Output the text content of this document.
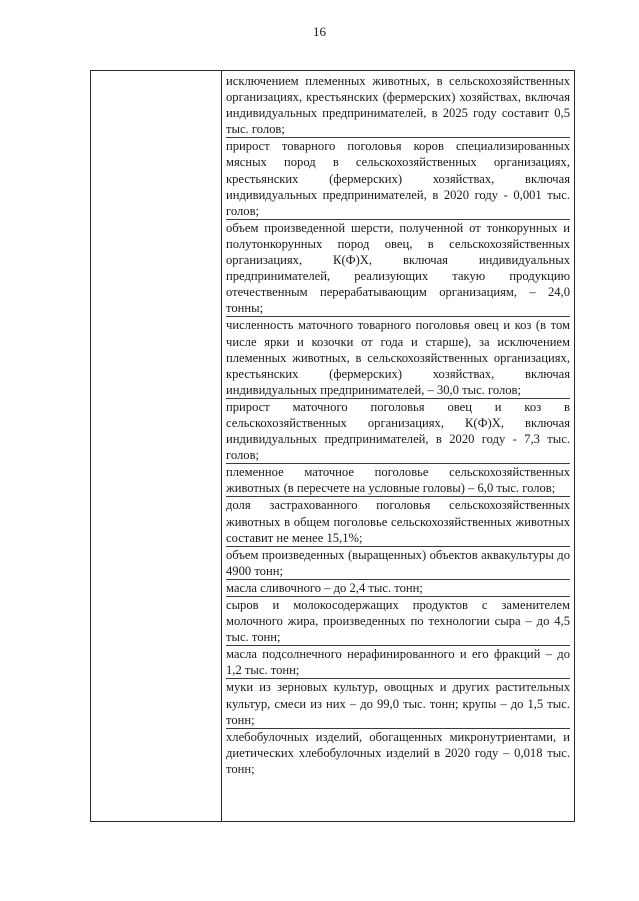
16

исключением племенных животных, в сельскохозяйственных организациях, крестьянских (фермерских) хозяйствах, включая индивидуальных предпринимателей, в 2025 году составит 0,5 тыс. голов;

прирост товарного поголовья коров специализированных мясных пород в сельскохозяйственных организациях, крестьянских (фермерских) хозяйствах, включая индивидуальных предпринимателей, в 2020 году - 0,001 тыс. голов;

объем произведенной шерсти, полученной от тонкорунных и полутонкорунных пород овец, в сельскохозяйственных организациях, К(Ф)Х, включая индивидуальных предпринимателей, реализующих такую продукцию отечественным перерабатывающим организациям, – 24,0 тонны;

численность маточного товарного поголовья овец и коз (в том числе ярки и козочки от года и старше), за исключением племенных животных, в сельскохозяйственных организациях, крестьянских (фермерских) хозяйствах, включая индивидуальных предпринимателей, – 30,0 тыс. голов;

прирост маточного поголовья овец и коз в сельскохозяйственных организациях, К(Ф)Х, включая индивидуальных предпринимателей, в 2020 году - 7,3 тыс. голов;

племенное маточное поголовье сельскохозяйственных животных (в пересчете на условные головы) – 6,0 тыс. голов;

доля застрахованного поголовья сельскохозяйственных животных в общем поголовье сельскохозяйственных животных составит не менее 15,1%;

объем произведенных (выращенных) объектов аквакультуры до 4900 тонн;

масла сливочного – до 2,4 тыс. тонн;

сыров и молокосодержащих продуктов с заменителем молочного жира, произведенных по технологии сыра – до 4,5 тыс. тонн;

масла подсолнечного нерафинированного и его фракций – до 1,2 тыс. тонн;

муки из зерновых культур, овощных и других растительных культур, смеси из них – до 99,0 тыс. тонн; крупы – до 1,5 тыс. тонн;

хлебобулочных изделий, обогащенных микронутриентами, и диетических хлебобулочных изделий в 2020 году – 0,018 тыс. тонн;
